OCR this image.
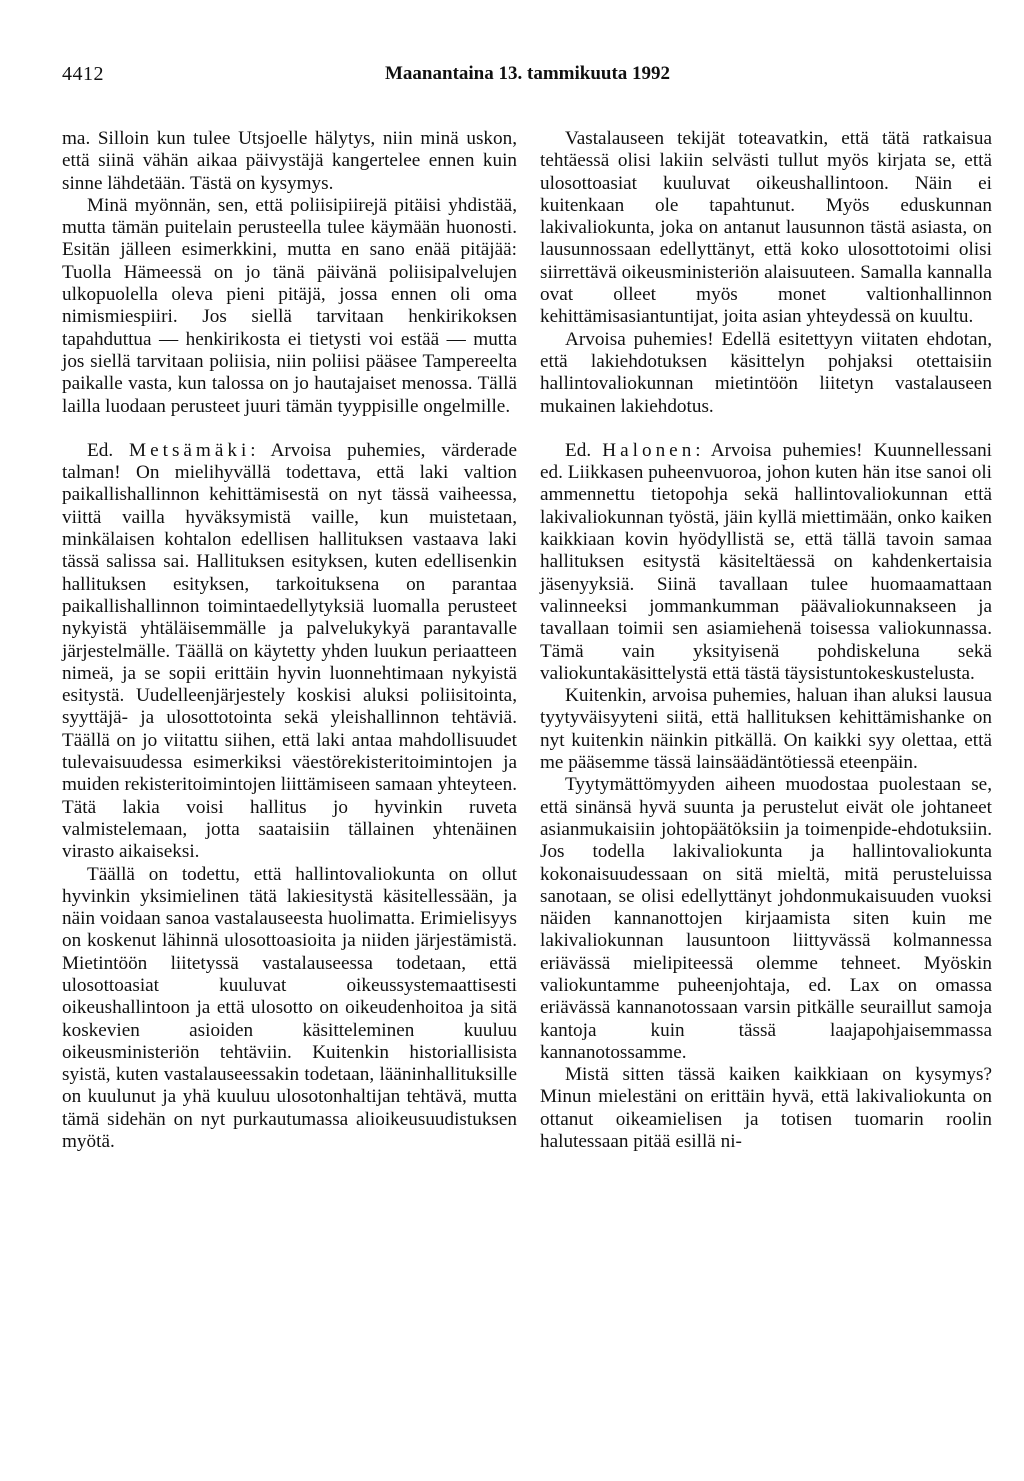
4412	Maanantaina 13. tammikuuta 1992

ma. Silloin kun tulee Utsjoelle hälytys, niin minä uskon, että siinä vähän aikaa päivystäjä kangertelee ennen kuin sinne lähdetään. Tästä on kysymys.

Minä myönnän, sen, että poliisipiirejä pitäisi yhdistää, mutta tämän puitelain perusteella tulee käymään huonosti. Esitän jälleen esimerkkini, mutta en sano enää pitäjää: Tuolla Hämeessä on jo tänä päivänä poliisipalvelujen ulkopuolella oleva pieni pitäjä, jossa ennen oli oma nimismiespiiri. Jos siellä tarvitaan henkirikoksen tapahduttua — henkirikosta ei tietysti voi estää — mutta jos siellä tarvitaan poliisia, niin poliisi pääsee Tampereelta paikalle vasta, kun talossa on jo hautajaiset menossa. Tällä lailla luodaan perusteet juuri tämän tyyppisille ongelmille.

Ed. Metsämäki: Arvoisa puhemies, värderade talman! On mielihyvällä todettava, että laki valtion paikallishallinnon kehittämisestä on nyt tässä vaiheessa, viittä vailla hyväksymistä vaille, kun muistetaan, minkälaisen kohtalon edellisen hallituksen vastaava laki tässä salissa sai. Hallituksen esityksen, kuten edellisenkin hallituksen esityksen, tarkoituksena on parantaa paikallishallinnon toimintaedellytyksiä luomalla perusteet nykyistä yhtäläisemmälle ja palvelukykyä parantavalle järjestelmälle. Täällä on käytetty yhden luukun periaatteen nimeä, ja se sopii erittäin hyvin luonnehtimaan nykyistä esitystä. Uudelleenjärjestely koskisi aluksi poliisitointa, syyttäjä- ja ulosottotointa sekä yleishallinnon tehtäviä. Täällä on jo viitattu siihen, että laki antaa mahdollisuudet tulevaisuudessa esimerkiksi väestörekisteritoimintojen ja muiden rekisteritoimintojen liittämiseen samaan yhteyteen. Tätä lakia voisi hallitus jo hyvinkin ruveta valmistelemaan, jotta saataisiin tällainen yhtenäinen virasto aikaiseksi.

Täällä on todettu, että hallintovaliokunta on ollut hyvinkin yksimielinen tätä lakiesitystä käsitellessään, ja näin voidaan sanoa vastalauseesta huolimatta. Erimielisyys on koskenut lähinnä ulosottoasioita ja niiden järjestämistä. Mietintöön liitetyssä vastalauseessa todetaan, että ulosottoasiat kuuluvat oikeussystemaattisesti oikeushallintoon ja että ulosotto on oikeudenhoitoa ja sitä koskevien asioiden käsitteleminen kuuluu oikeusministeriön tehtäviin. Kuitenkin historiallisista syistä, kuten vastalauseessakin todetaan, lääninhallituksille on kuulunut ja yhä kuuluu ulosotonhaltijan tehtävä, mutta tämä sidehän on nyt purkautumassa alioikeusuudistuksen myötä.

Vastalauseen tekijät toteavatkin, että tätä ratkaisua tehtäessä olisi lakiin selvästi tullut myös kirjata se, että ulosottoasiat kuuluvat oikeushallintoon. Näin ei kuitenkaan ole tapahtunut. Myös eduskunnan lakivaliokunta, joka on antanut lausunnon tästä asiasta, on lausunnossaan edellyttänyt, että koko ulosottotoimi olisi siirrettävä oikeusministeriön alaisuuteen. Samalla kannalla ovat olleet myös monet valtionhallinnon kehittämisasiantuntijat, joita asian yhteydessä on kuultu.

Arvoisa puhemies! Edellä esitettyyn viitaten ehdotan, että lakiehdotuksen käsittelyn pohjaksi otettaisiin hallintovaliokunnan mietintöön liitetyn vastalauseen mukainen lakiehdotus.

Ed. Halonen: Arvoisa puhemies! Kuunnellessani ed. Liikkasen puheenvuoroa, johon kuten hän itse sanoi oli ammennettu tietopohja sekä hallintovaliokunnan että lakivaliokunnan työstä, jäin kyllä miettimään, onko kaiken kaikkiaan kovin hyödyllistä se, että tällä tavoin samaa hallituksen esitystä käsiteltäessä on kahdenkertaisia jäsenyyksiä. Siinä tavallaan tulee huomaamattaan valinneeksi jommankumman päävaliokunnakseen ja tavallaan toimii sen asiamiehenä toisessa valiokunnassa. Tämä vain yksityisenä pohdiskeluna sekä valiokuntakäsittelystä että tästä täysistuntokeskustelusta.

Kuitenkin, arvoisa puhemies, haluan ihan aluksi lausua tyytyväisyyteni siitä, että hallituksen kehittämishanke on nyt kuitenkin näinkin pitkällä. On kaikki syy olettaa, että me pääsemme tässä lainsäädäntötiessä eteenpäin.

Tyytymättömyyden aiheen muodostaa puolestaan se, että sinänsä hyvä suunta ja perustelut eivät ole johtaneet asianmukaisiin johtopäätöksiin ja toimenpide-ehdotuksiin. Jos todella lakivaliokunta ja hallintovaliokunta kokonaisuudessaan on sitä mieltä, mitä perusteluissa sanotaan, se olisi edellyttänyt johdonmukaisuuden vuoksi näiden kannanottojen kirjaamista siten kuin me lakivaliokunnan lausuntoon liittyvässä kolmannessa eriävässä mielipiteessä olemme tehneet. Myöskin valiokuntamme puheenjohtaja, ed. Lax on omassa eriävässä kannanotossaan varsin pitkälle seuraillut samoja kantoja kuin tässä laajapohjaisemmassa kannanotossamme.

Mistä sitten tässä kaiken kaikkiaan on kysymys? Minun mielestäni on erittäin hyvä, että lakivaliokunta on ottanut oikeamielisen ja totisen tuomarin roolin halutessaan pitää esillä ni-
